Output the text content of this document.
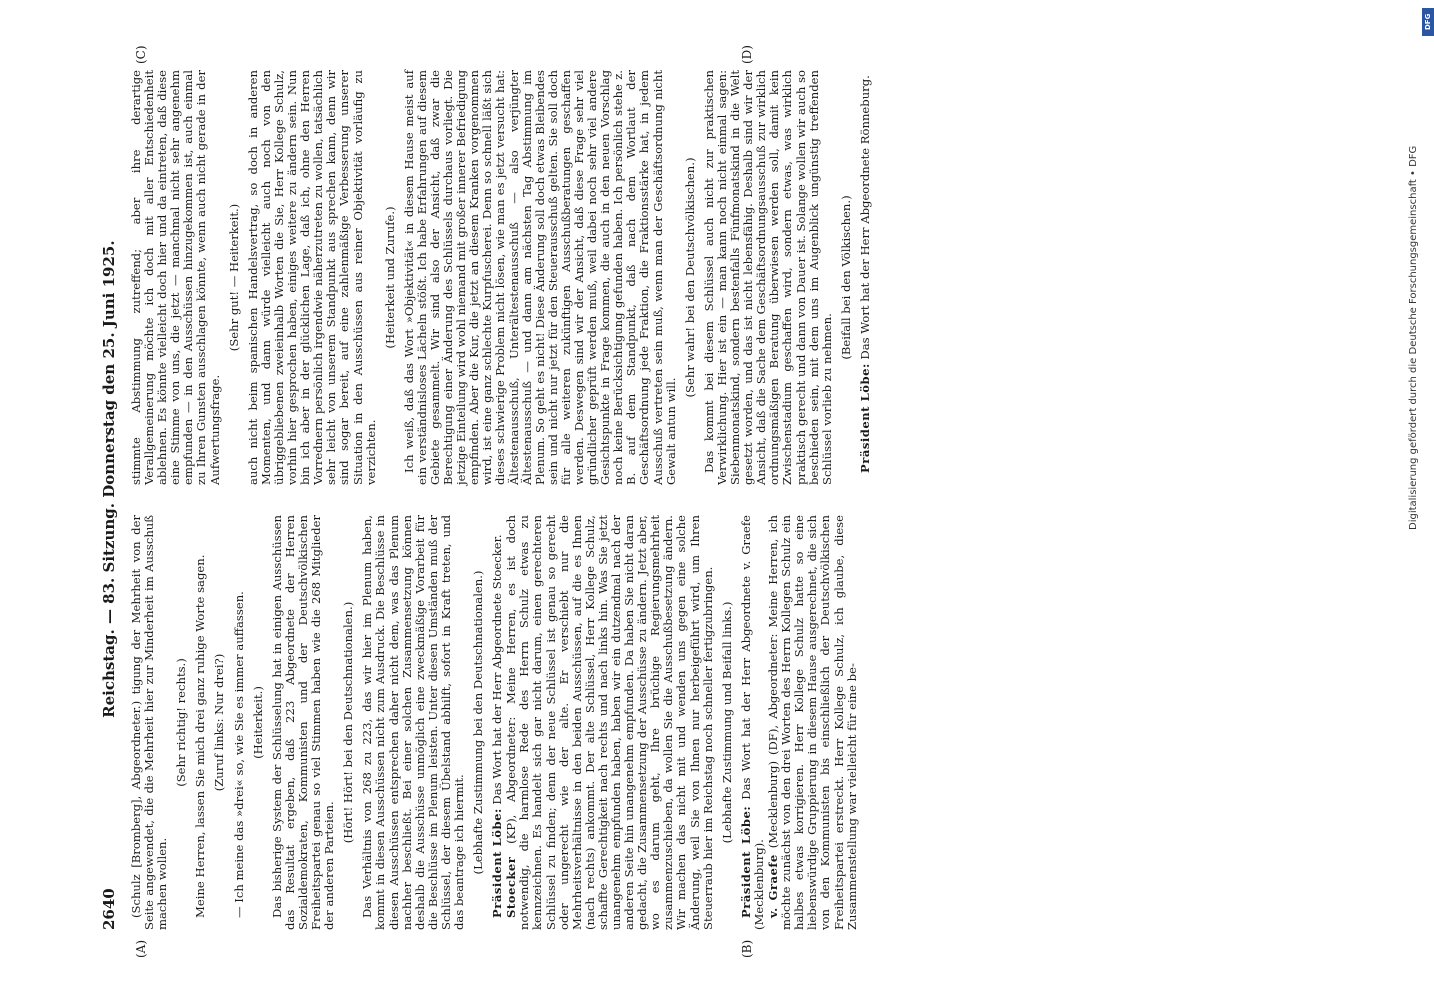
2640
Reichstag. — 83. Sitzung. Donnerstag den 25. Juni 1925. (Schulz [Bromberg], Abgeordneter.) tigung der Mehrheit von der Seite angewendet, die die Mehrheit hier zur Minderheit im Ausschuß machen wollen.

(Sehr richtig! rechts.) Meine Herren, lassen Sie mich drei ganz ruhige Worte sagen. (Zuruf links: Nur drei?) — Ich meine das »drei« so, wie Sie es immer auffassen. (Heiterkeit.) Das bisherige System der Schlüsselung hat in einigen Ausschüssen das Resultat ergeben, daß 223 Abgeordnete der Herren Sozialdemokraten, Kommunisten und der Deutschvölkischen Freiheitspartei genau so viel Stimmen haben wie die 268 Mitglieder der anderen Parteien.

(Hört! Hört! bei den Deutschnationalen.) Das Verhältnis von 268 zu 223, das wir hier im Plenum haben, kommt in diesen Ausschüssen nicht zum Ausdruck. Die Beschlüsse in diesen Ausschüssen entsprechen daher nicht dem, was das Plenum nachher beschließt. Bei einer solchen Zusammensetzung können deshalb die Ausschüsse unmöglich eine zweckmäßige Vorarbeit für die Beschlüsse im Plenum leisten. Unter diesen Umständen muß der Schlüssel, der diesem Übelstand abhilft, sofort in Kraft treten, und das beantrage ich hiermit. (Lebhafte Zustimmung bei den Deutschnationalen.) Präsident Löbe: Das Wort hat der Herr Abgeordnete Stoecker.

Stoecker (KP), Abgeordneter: Meine Herren, es ist doch notwendig, die harmlose Rede des Herrn Schulz etwas zu kennzeichnen. Es handelt sich gar nicht darum, einen gerechteren Schlüssel zu finden; denn der neue Schlüssel ist genau so gerecht oder ungerecht wie der alte. Er verschiebt nur die Mehrheitsverhältnisse in den beiden Ausschüssen, auf die es Ihnen (nach rechts) ankommt. Der alte Schlüssel, Herr Kollege Schulz, schaffte Gerechtigkeit nach rechts und nach links hin. Was Sie jetzt unangenehm empfunden haben, haben wir ein dutzendmal nach der anderen Seite hin unangenehm empfunden. Da haben Sie nicht daran gedacht, die Zusammensetzung der Ausschüsse zu ändern. Jetzt aber, wo es darum geht, Ihre brüchige Regierungsmehrheit zusammenzuschieben, da wollen Sie die Ausschußbesetzung ändern. Wir machen das nicht mit und wenden uns gegen eine solche Änderung, weil Sie von Ihnen nur herbeigeführt wird, um Ihren Steuerraub hier im Reichstag noch schneller fertigzubringen. (Lebhafte Zustimmung und Beifall links.)

Präsident Löbe: Das Wort hat der Herr Abgeordnete v. Graefe (Mecklenburg). v. Graefe (Mecklenburg) (DF), Abgeordneter: Meine Herren, ich möchte zunächst von den drei Worten des Herrn Kollegen Schulz ein halbes etwas korrigieren. Herr Kollege Schulz hatte so eine liebenswürdige Gruppierung in diesem Hause ausgerechnet, die sich von den Kommunisten bis einschließlich der Deutschvölkischen Freiheitspartei erstreckt. Herr Kollege Schulz, ich glaube, diese Zusammenstellung war vielleicht für eine be-

stimmte Abstimmung zutreffend; aber ihre derartige Verallgemeinerung möchte ich doch mit aller Entschiedenheit ablehnen. Es könnte vielleicht doch hier und da eintreten, daß diese eine Stimme von uns, die jetzt — manchmal nicht sehr angenehm empfunden — in den Ausschüssen hinzugekommen ist, auch einmal zu Ihren Gunsten ausschlagen könnte, wenn auch nicht gerade in der Aufwertungsfrage.

(Sehr gut! — Heiterkeit.) auch nicht beim spanischen Handelsvertrag, so doch in anderen Momenten, und dann würde vielleicht auch noch von den übriggebliebenen zweieinhalb Worten die Sie, Herr Kollege Schulz, vorhin hier gesprochen haben, einiges weitere zu ändern sein. Nun bin ich aber in der glücklichen Lage, daß ich, ohne den Herren Vorrednern persönlich irgendwie näherzutreten zu wollen, tatsächlich sehr leicht von unserem Standpunkt aus sprechen kann, denn wir sind sogar bereit, auf eine zahlenmäßige Verbesserung unserer Situation in den Ausschüssen aus reiner Objektivität vorläufig zu verzichten.

(Heiterkeit und Zurufe.) Ich weiß, daß das Wort »Objektivität« in diesem Hause meist auf ein verständnisloses Lächeln stößt. Ich habe Erfahrungen auf diesem Gebiete gesammelt. Wir sind also der Ansicht, daß zwar die Berechtigung einer Änderung des Schlüssels durchaus vorliegt. Die jetzige Einteilung wird wohl niemand mit großer innerer Befriedigung empfinden. Aber die Kur, die jetzt an diesem Kranken vorgenommen wird, ist eine ganz schlechte Kurpfuscherei. Denn so schnell läßt sich dieses schwierige Problem nicht lösen, wie man es jetzt versucht hat: Ältestenausschuß, Unterältestenausschuß — also verjüngter Ältestenausschuß — und dann am nächsten Tag Abstimmung im Plenum. So geht es nicht! Diese Änderung soll doch etwas Bleibendes sein und nicht nur jetzt für den Steuerausschuß gelten. Sie soll doch für alle weiteren zukünftigen Ausschußberatungen geschaffen werden. Deswegen sind wir der Ansicht, daß diese Frage sehr viel gründlicher geprüft werden muß, weil dabei noch sehr viel andere Gesichtspunkte in Frage kommen, die auch in den neuen Vorschlag noch keine Berücksichtigung gefunden haben. Ich persönlich stehe z. B. auf dem Standpunkt, daß nach dem Wortlaut der Geschäftsordnung jede Fraktion, die Fraktionsstärke hat, in jedem Ausschuß vertreten sein muß, wenn man der Geschäftsordnung nicht Gewalt antun will.

(Sehr wahr! bei den Deutschvölkischen.) Das kommt bei diesem Schlüssel auch nicht zur praktischen Verwirklichung. Hier ist ein — man kann noch nicht einmal sagen: Siebenmonatskind, sondern bestenfalls Fünfmonatskind in die Welt gesetzt worden, und das ist nicht lebensfähig. Deshalb sind wir der Ansicht, daß die Sache dem Geschäftsordnungsausschuß zur wirklich ordnungsmäßigen Beratung überwiesen werden soll, damit kein Zwischenstadium geschaffen wird, sondern etwas, was wirklich praktisch gerecht und dann von Dauer ist. Solange wollen wir auch so beschieden sein, mit dem uns im Augenblick ungünstig treffenden Schlüssel vorlieb zu nehmen.

(Beifall bei den Völkischen.)

Präsident Löbe: Das Wort hat der Herr Abgeordnete Rönneburg.

(A)	(B)
(C)	(D)
Digitalisierung gefördert durch die Deutsche Forschungsgemeinschaft • DFG
DFG
